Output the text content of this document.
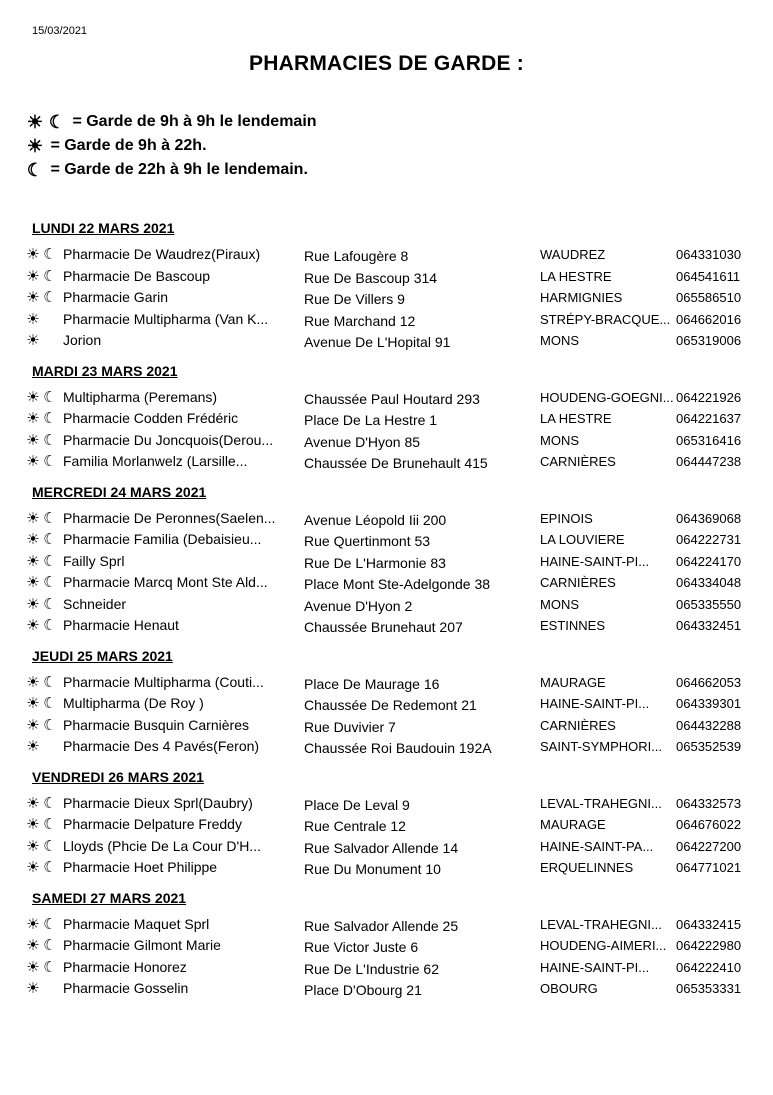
15/03/2021
PHARMACIES DE GARDE :
☀ ☾ = Garde de 9h à 9h le lendemain
☀ = Garde de 9h à 22h.
☾ = Garde de 22h à 9h le lendemain.
LUNDI 22 MARS 2021
☀ ☾ Pharmacie De Waudrez(Piraux)	Rue Lafougère 8	WAUDREZ	064331030
☀ ☾ Pharmacie De Bascoup	Rue De Bascoup 314	LA HESTRE	064541611
☀ ☾ Pharmacie Garin	Rue De Villers 9	HARMIGNIES	065586510
☀ Pharmacie Multipharma (Van K...	Rue Marchand 12	STRÉPY-BRACQUE... 064662016
☀ Jorion	Avenue De L'Hopital 91	MONS	065319006
MARDI 23 MARS 2021
☀ ☾ Multipharma (Peremans)	Chaussée Paul Houtard 293	HOUDENG-GOEGNI... 064221926
☀ ☾ Pharmacie Codden Frédéric	Place De La Hestre 1	LA HESTRE	064221637
☀ ☾ Pharmacie Du Joncquois(Derou...	Avenue D'Hyon 85	MONS	065316416
☀ ☾ Familia Morlanwelz (Larsille...	Chaussée De Brunehault 415	CARNIÈRES	064447238
MERCREDI 24 MARS 2021
☀ ☾ Pharmacie De Peronnes(Saelen...	Avenue Léopold Iii 200	EPINOIS	064369068
☀ ☾ Pharmacie Familia (Debaisieu...	Rue Quertinmont 53	LA LOUVIERE	064222731
☀ ☾ Failly Sprl	Rue De L'Harmonie 83	HAINE-SAINT-PI...	064224170
☀ ☾ Pharmacie Marcq Mont Ste Ald...	Place Mont Ste-Adelgonde 38	CARNIÈRES	064334048
☀ ☾ Schneider	Avenue D'Hyon 2	MONS	065335550
☀ ☾ Pharmacie Henaut	Chaussée Brunehaut 207	ESTINNES	064332451
JEUDI 25 MARS 2021
☀ ☾ Pharmacie Multipharma (Couti...	Place De Maurage 16	MAURAGE	064662053
☀ ☾ Multipharma (De Roy )	Chaussée De Redemont 21	HAINE-SAINT-PI...	064339301
☀ ☾ Pharmacie Busquin Carnières	Rue Duvivier 7	CARNIÈRES	064432288
☀ Pharmacie Des 4 Pavés(Feron)	Chaussée Roi Baudouin 192A	SAINT-SYMPHORI...	065352539
VENDREDI 26 MARS 2021
☀ ☾ Pharmacie Dieux Sprl(Daubry)	Place De Leval 9	LEVAL-TRAHEGNI...	064332573
☀ ☾ Pharmacie Delpature Freddy	Rue Centrale 12	MAURAGE	064676022
☀ ☾ Lloyds (Phcie De La Cour D'H...	Rue Salvador Allende 14	HAINE-SAINT-PA...	064227200
☀ ☾ Pharmacie Hoet Philippe	Rue Du Monument 10	ERQUELINNES	064771021
SAMEDI 27 MARS 2021
☀ ☾ Pharmacie Maquet Sprl	Rue Salvador Allende 25	LEVAL-TRAHEGNI...	064332415
☀ ☾ Pharmacie Gilmont Marie	Rue Victor Juste 6	HOUDENG-AIMERI... 064222980
☀ ☾ Pharmacie Honorez	Rue De L'Industrie 62	HAINE-SAINT-PI...	064222410
☀ Pharmacie Gosselin	Place D'Obourg 21	OBOURG	065353331
